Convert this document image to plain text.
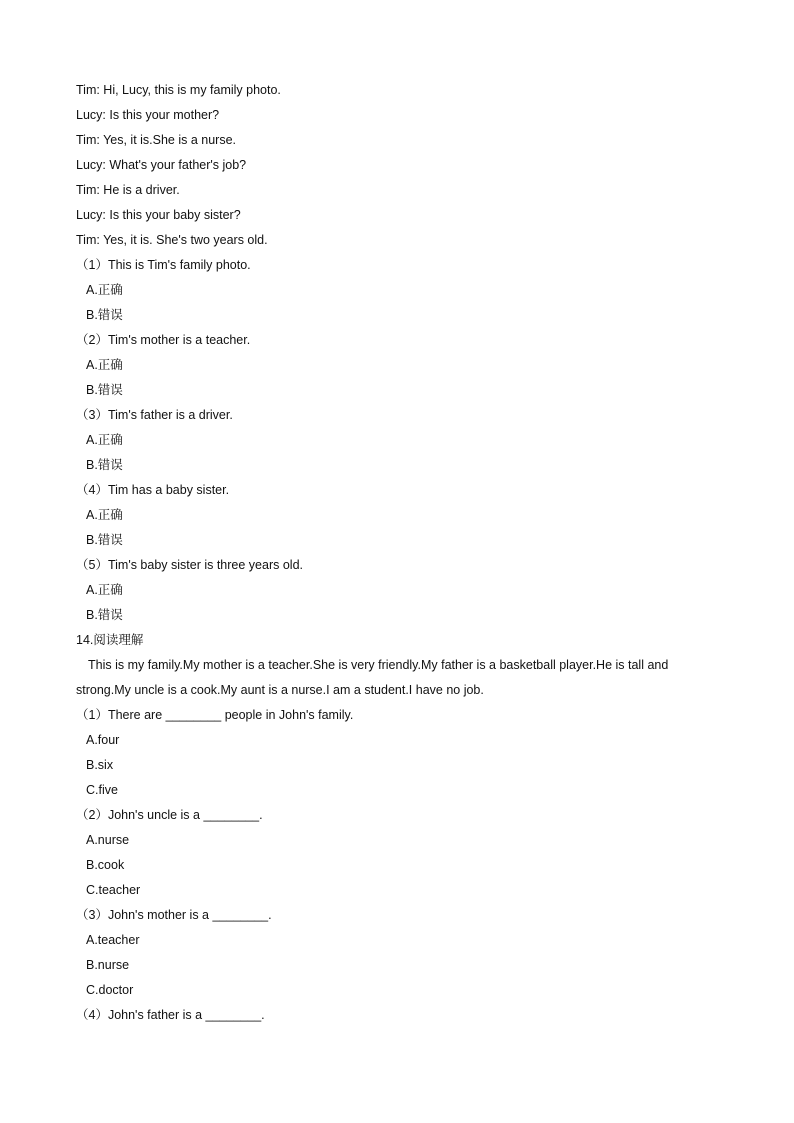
Tim: Hi, Lucy, this is my family photo.
Lucy: Is this your mother?
Tim: Yes, it is.She is a nurse.
Lucy: What's your father's job?
Tim: He is a driver.
Lucy: Is this your baby sister?
Tim: Yes, it is. She's two years old.
（1）This is Tim's family photo.
A.正确
B.错误
（2）Tim's mother is a teacher.
A.正确
B.错误
（3）Tim's father is a driver.
A.正确
B.错误
（4）Tim has a baby sister.
A.正确
B.错误
（5）Tim's baby sister is three years old.
A.正确
B.错误
14.阅读理解
This is my family.My mother is a teacher.She is very friendly.My father is a basketball player.He is tall and strong.My uncle is a cook.My aunt is a nurse.I am a student.I have no job.
（1）There are ________ people in John's family.
A.four
B.six
C.five
（2）John's uncle is a ________.
A.nurse
B.cook
C.teacher
（3）John's mother is a ________.
A.teacher
B.nurse
C.doctor
（4）John's father is a ________.
